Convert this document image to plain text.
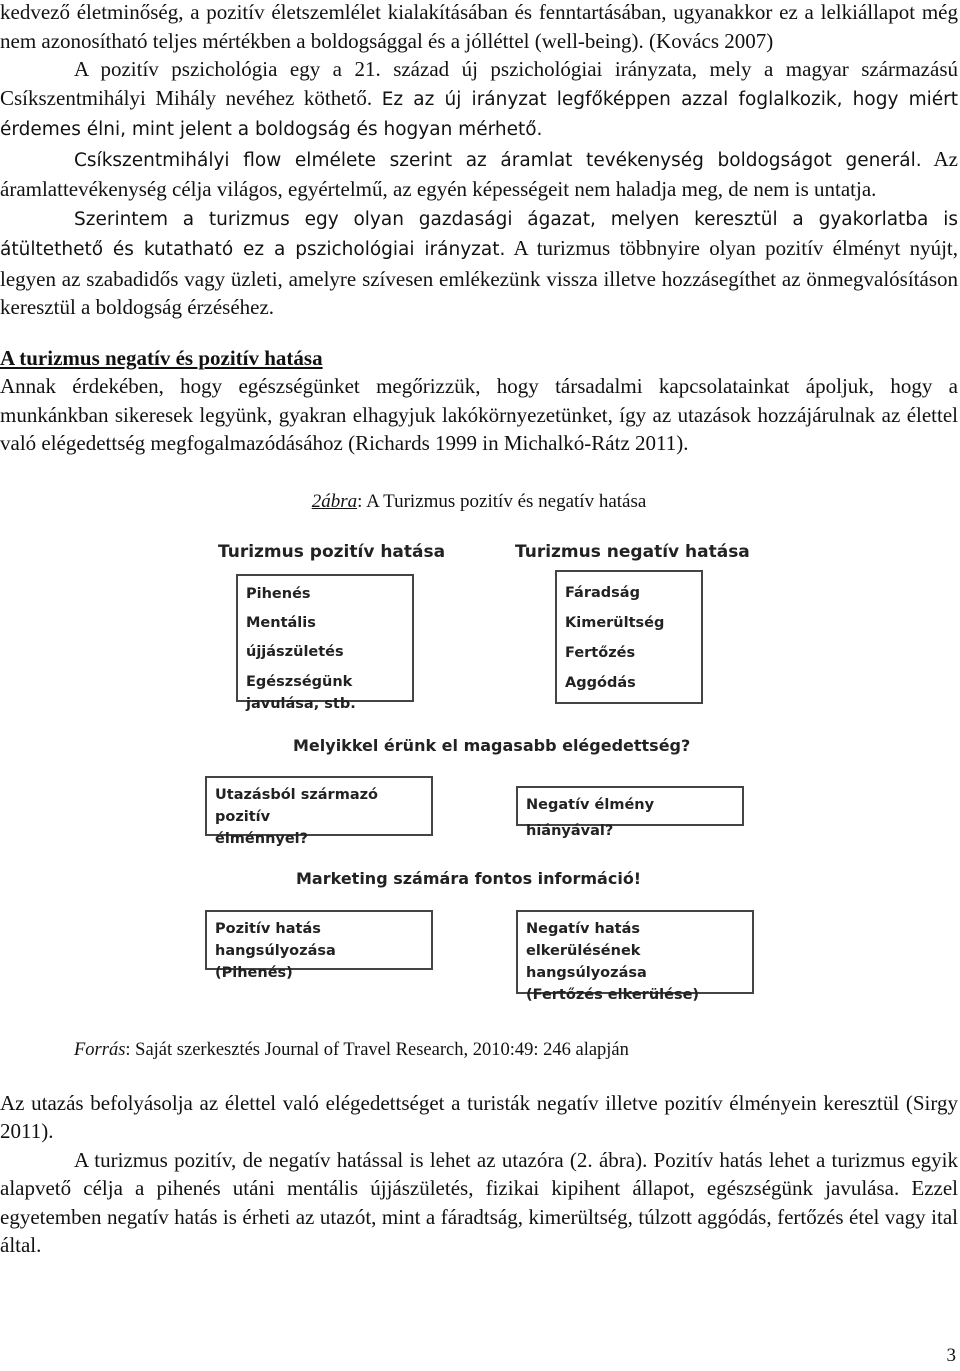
kedvező életminőség, a pozitív életszemlélet kialakításában és fenntartásában, ugyanakkor ez a lelkiállapot még nem azonosítható teljes mértékben a boldogsággal és a jólléttel (well-being). (Kovács 2007)

A pozitív pszichológia egy a 21. század új pszichológiai irányzata, mely a magyar származású Csíkszentmihályi Mihály nevéhez köthető. Ez az új irányzat legfőképpen azzal foglalkozik, hogy miért érdemes élni, mint jelent a boldogság és hogyan mérhető.

Csíkszentmihályi flow elmélete szerint az áramlat tevékenység boldogságot generál. Az áramlattevékenység célja világos, egyértelmű, az egyén képességeit nem haladja meg, de nem is untatja.

Szerintem a turizmus egy olyan gazdasági ágazat, melyen keresztül a gyakorlatba is átültethető és kutatható ez a pszichológiai irányzat. A turizmus többnyire olyan pozitív élményt nyújt, legyen az szabadidős vagy üzleti, amelyre szívesen emlékezünk vissza illetve hozzásegíthet az önmegvalósításon keresztül a boldogság érzéséhez.

A turizmus negatív és pozitív hatása

Annak érdekében, hogy egészségünket megőrizzük, hogy társadalmi kapcsolatainkat ápoljuk, hogy a munkánkban sikeresek legyünk, gyakran elhagyjuk lakókörnyezetünket, így az utazások hozzájárulnak az élettel való elégedettség megfogalmazódásához (Richards 1999 in Michalkó-Rátz 2011).

2ábra: A Turizmus pozitív és negatív hatása
Turizmus pozitív hatása	Turizmus negatív hatása
Pihenés
Mentális újjászületés
Egészségünk
javulása, stb.
Fáradság
Kimerültség
Fertőzés
Aggódás
Melyikkel érünk el magasabb elégedettség?
Utazásból származó pozitív
élménnyel?
Negatív élmény hiányával?
Marketing számára fontos információ!
Pozitív hatás hangsúlyozása
(Pihenés)
Negatív hatás elkerülésének
hangsúlyozása
(Fertőzés elkerülése)

Forrás: Saját szerkesztés Journal of Travel Research, 2010:49: 246 alapján

Az utazás befolyásolja az élettel való elégedettséget a turisták negatív illetve pozitív élményein keresztül (Sirgy 2011).

A turizmus pozitív, de negatív hatással is lehet az utazóra (2. ábra). Pozitív hatás lehet a turizmus egyik alapvető célja a pihenés utáni mentális újjászületés, fizikai kipihent állapot, egészségünk javulása. Ezzel egyetemben negatív hatás is érheti az utazót, mint a fáradtság, kimerültség, túlzott aggódás, fertőzés étel vagy ital által.

3
